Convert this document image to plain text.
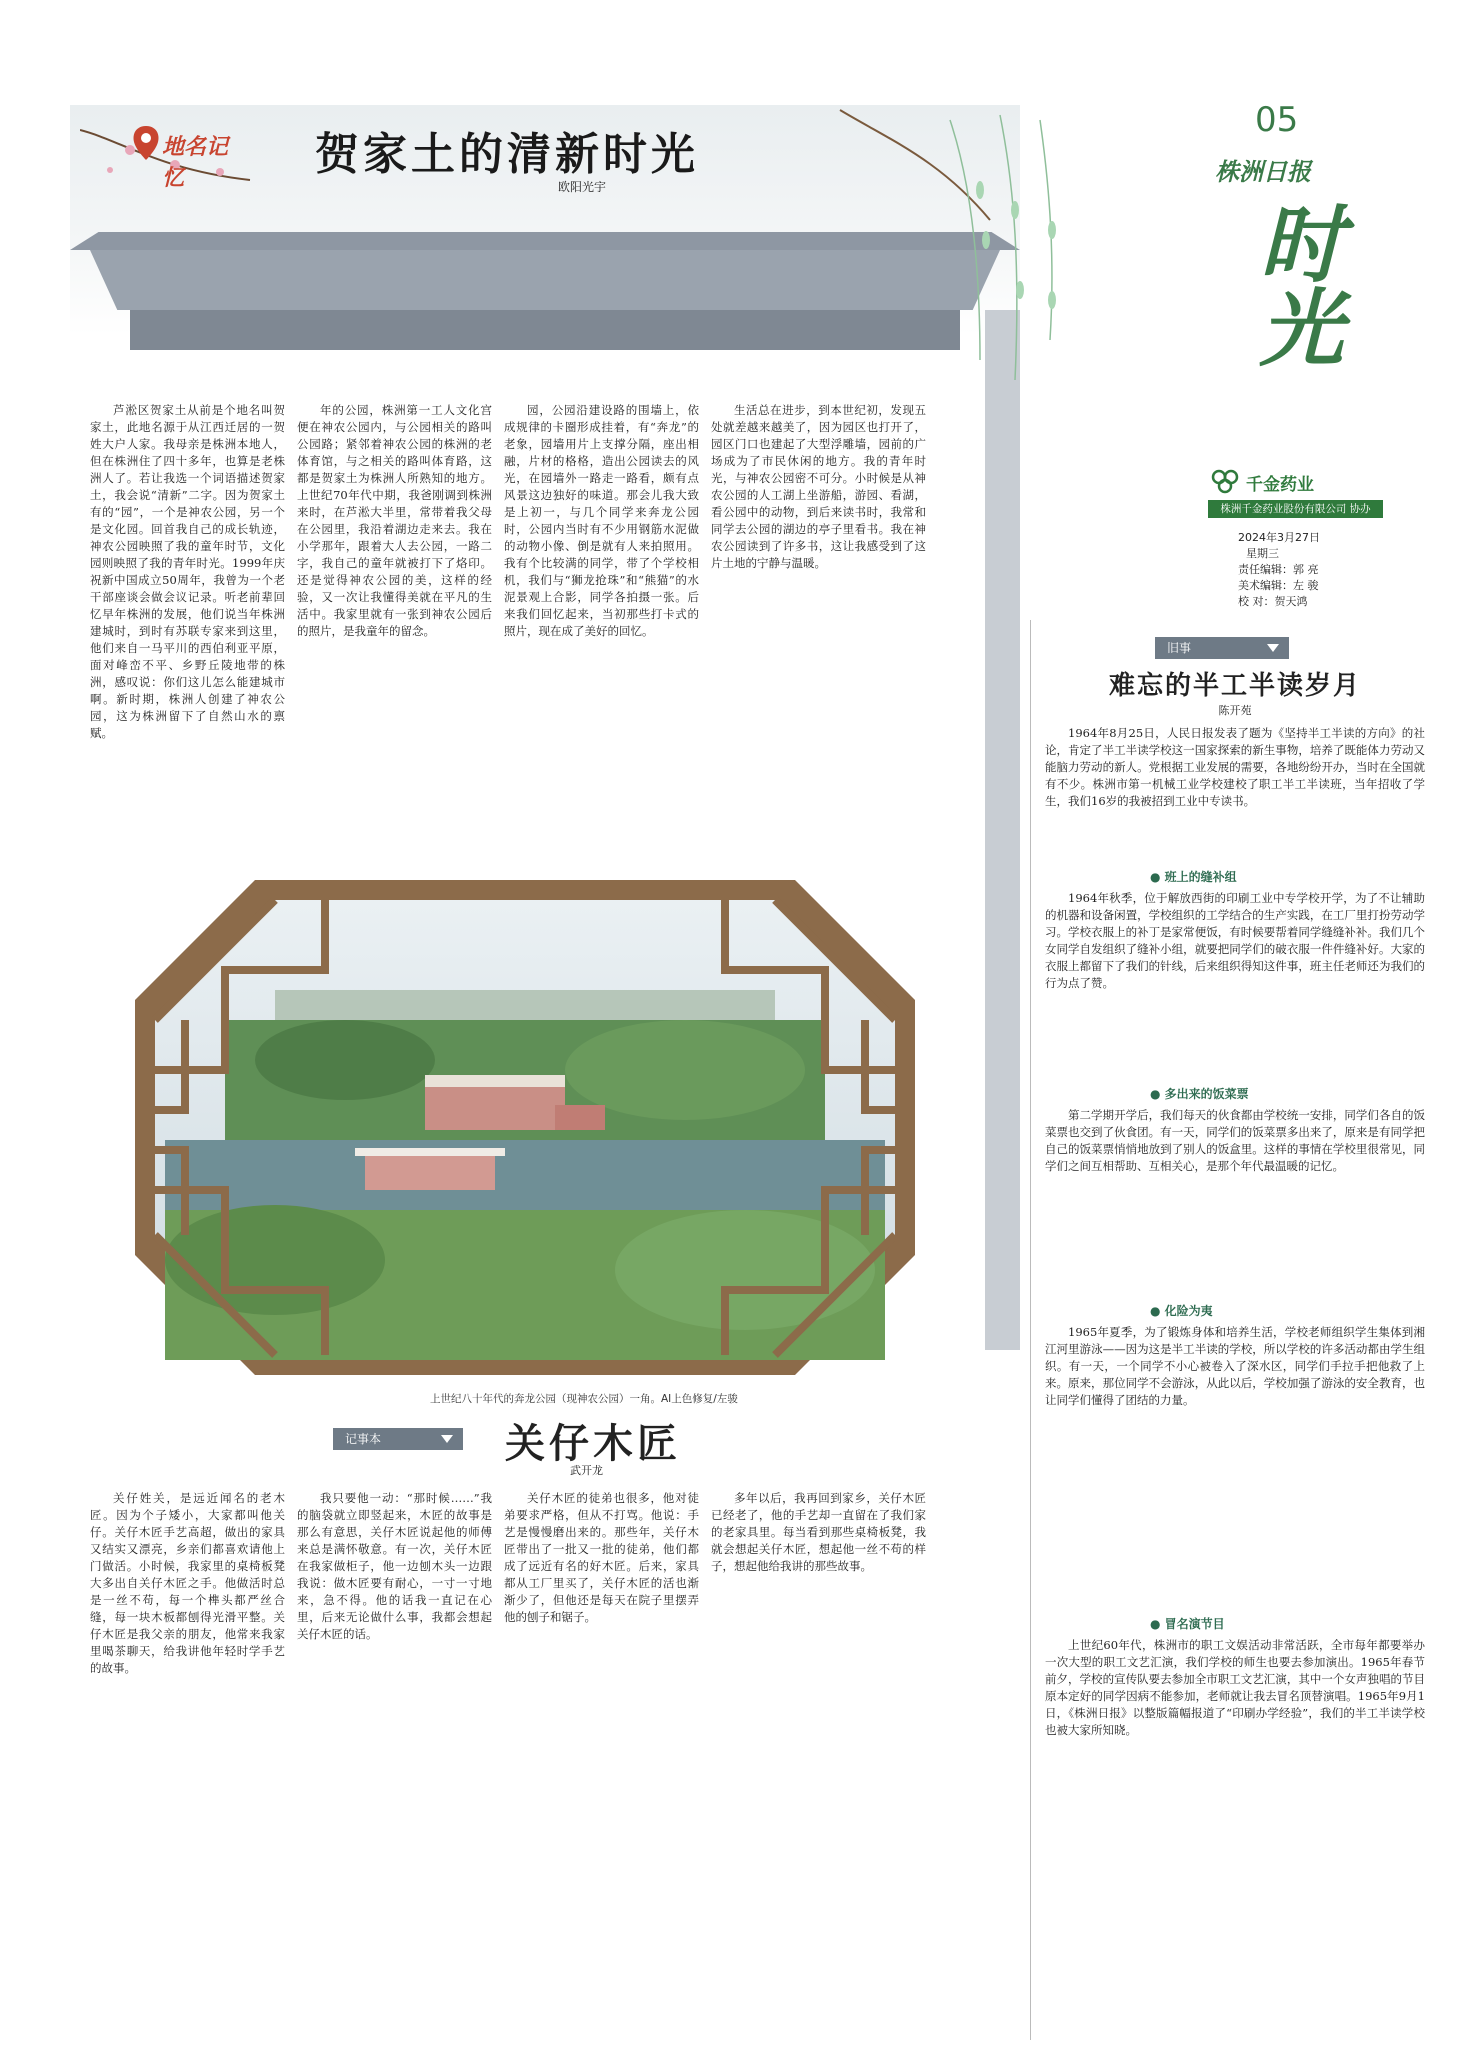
地名记忆	贺家土的清新时光
欧阳光宇
05
株洲日报
时光
千金药业
株洲千金药业股份有限公司 协办
2024年3月27日
星期三
责任编辑：郭 亮
美术编辑：左 骏
校 对：贺天鸿

芦淞区贺家土从前是个地名叫贺家土，此地名源于从江西迁居的一贺姓大户人家。我母亲是株洲本地人，但在株洲住了四十多年，也算是老株洲人了。若让我选一个词语描述贺家土，我会说“清新”二字。因为贺家土有的“园”，一个是神农公园，另一个是文化园。回首我自己的成长轨迹，神农公园映照了我的童年时节，文化园则映照了我的青年时光。1999年庆祝新中国成立50周年，我曾为一个老干部座谈会做会议记录。听老前辈回忆早年株洲的发展，他们说当年株洲建城时，到时有苏联专家来到这里，他们来自一马平川的西伯利亚平原，面对峰峦不平、乡野丘陵地带的株洲，感叹说：你们这儿怎么能建城市啊。新时期，株洲人创建了神农公园，这为株洲留下了自然山水的禀赋。

年的公园，株洲第一工人文化宫便在神农公园内，与公园相关的路叫公园路；紧邻着神农公园的株洲的老体育馆，与之相关的路叫体育路，这都是贺家土为株洲人所熟知的地方。上世纪70年代中期，我爸刚调到株洲来时，在芦淞大半里，常带着我父母在公园里，我沿着湖边走来去。我在小学那年，跟着大人去公园，一路二字，我自己的童年就被打下了烙印。还是觉得神农公园的美，这样的经验，又一次让我懂得美就在平凡的生活中。我家里就有一张到神农公园后的照片，是我童年的留念。

园，公园沿建设路的围墙上，依成规律的卡圈形成挂着，有“奔龙”的老象，园墙用片上支撑分隔，座出相融，片材的格格，造出公园读去的风光，在园墙外一路走一路看，颇有点风景这边独好的味道。那会儿我大致是上初一，与几个同学来奔龙公园时，公园内当时有不少用钢筋水泥做的动物小像、倒是就有人来拍照用。我有个比较满的同学，带了个学校相机，我们与“狮龙抢珠”和“熊猫”的水泥景观上合影，同学各拍摄一张。后来我们回忆起来，当初那些打卡式的照片，现在成了美好的回忆。

生活总在进步，到本世纪初，发现五处就差越来越美了，因为园区也打开了，园区门口也建起了大型浮雕墙，园前的广场成为了市民休闲的地方。我的青年时光，与神农公园密不可分。小时候是从神农公园的人工湖上坐游船，游园、看湖，看公园中的动物，到后来读书时，我常和同学去公园的湖边的亭子里看书。我在神农公园读到了许多书，这让我感受到了这片土地的宁静与温暖。

上世纪八十年代的奔龙公园（现神农公园）一角。AI上色修复/左骏
记事本	关仔木匠
武开龙

关仔姓关，是远近闻名的老木匠。因为个子矮小，大家都叫他关仔。关仔木匠手艺高超，做出的家具又结实又漂亮，乡亲们都喜欢请他上门做活。小时候，我家里的桌椅板凳大多出自关仔木匠之手。他做活时总是一丝不苟，每一个榫头都严丝合缝，每一块木板都刨得光滑平整。关仔木匠是我父亲的朋友，他常来我家里喝茶聊天，给我讲他年轻时学手艺的故事。

我只要他一动：“那时候……”我的脑袋就立即竖起来，木匠的故事是那么有意思，关仔木匠说起他的师傅来总是满怀敬意。有一次，关仔木匠在我家做柜子，他一边刨木头一边跟我说：做木匠要有耐心，一寸一寸地来，急不得。他的话我一直记在心里，后来无论做什么事，我都会想起关仔木匠的话。

关仔木匠的徒弟也很多，他对徒弟要求严格，但从不打骂。他说：手艺是慢慢磨出来的。那些年，关仔木匠带出了一批又一批的徒弟，他们都成了远近有名的好木匠。后来，家具都从工厂里买了，关仔木匠的活也渐渐少了，但他还是每天在院子里摆弄他的刨子和锯子。

多年以后，我再回到家乡，关仔木匠已经老了，他的手艺却一直留在了我们家的老家具里。每当看到那些桌椅板凳，我就会想起关仔木匠，想起他一丝不苟的样子，想起他给我讲的那些故事。

旧事
难忘的半工半读岁月
陈开苑

1964年8月25日，人民日报发表了题为《坚持半工半读的方向》的社论，肯定了半工半读学校这一国家探索的新生事物，培养了既能体力劳动又能脑力劳动的新人。党根据工业发展的需要，各地纷纷开办，当时在全国就有不少。株洲市第一机械工业学校建校了职工半工半读班，当年招收了学生，我们16岁的我被招到工业中专读书。

● 班上的缝补组

1964年秋季，位于解放西街的印刷工业中专学校开学，为了不让辅助的机器和设备闲置，学校组织的工学结合的生产实践，在工厂里打扮劳动学习。学校衣服上的补丁是家常便饭，有时候要帮着同学缝缝补补。我们几个女同学自发组织了缝补小组，就要把同学们的破衣服一件件缝补好。大家的衣服上都留下了我们的针线，后来组织得知这件事，班主任老师还为我们的行为点了赞。

● 多出来的饭菜票

第二学期开学后，我们每天的伙食都由学校统一安排，同学们各自的饭菜票也交到了伙食团。有一天，同学们的饭菜票多出来了，原来是有同学把自己的饭菜票悄悄地放到了别人的饭盒里。这样的事情在学校里很常见，同学们之间互相帮助、互相关心，是那个年代最温暖的记忆。

● 化险为夷

1965年夏季，为了锻炼身体和培养生活，学校老师组织学生集体到湘江河里游泳——因为这是半工半读的学校，所以学校的许多活动都由学生组织。有一天，一个同学不小心被卷入了深水区，同学们手拉手把他救了上来。原来，那位同学不会游泳，从此以后，学校加强了游泳的安全教育，也让同学们懂得了团结的力量。

● 冒名演节目

上世纪60年代，株洲市的职工文娱活动非常活跃，全市每年都要举办一次大型的职工文艺汇演，我们学校的师生也要去参加演出。1965年春节前夕，学校的宣传队要去参加全市职工文艺汇演，其中一个女声独唱的节目原本定好的同学因病不能参加，老师就让我去冒名顶替演唱。1965年9月1日，《株洲日报》以整版篇幅报道了“印刷办学经验”，我们的半工半读学校也被大家所知晓。
